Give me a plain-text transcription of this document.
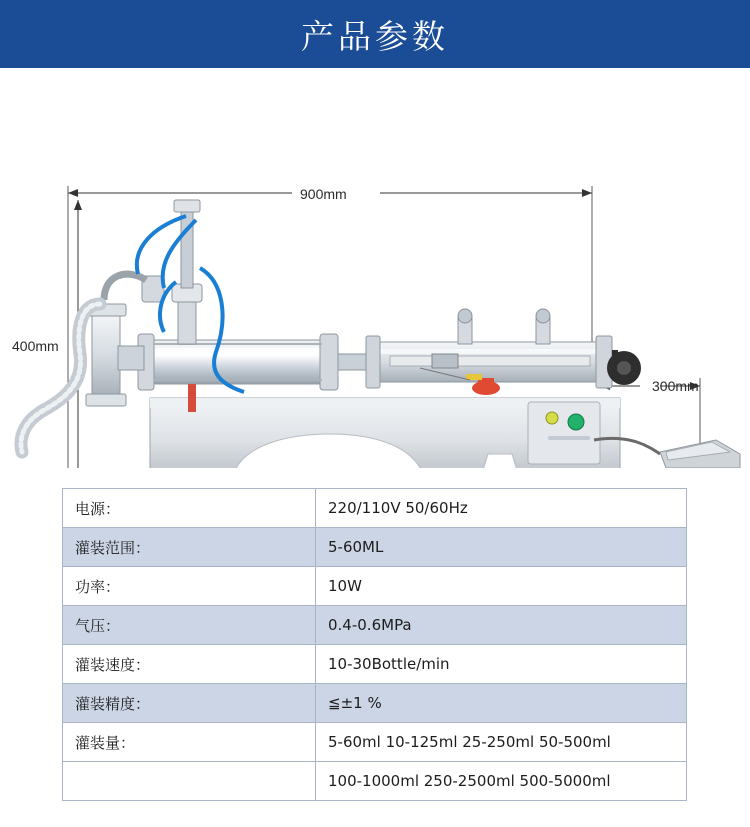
产品参数
900mm
400mm
300mm
电源：	220/110V 50/60Hz
灌装范围：	5-60ML
功率：	10W
气压：	0.4-0.6MPa
灌装速度：	10-30Bottle/min
灌装精度：	≦±1 %
灌装量：	5-60ml 10-125ml 25-250ml 50-500ml
	100-1000ml 250-2500ml 500-5000ml
